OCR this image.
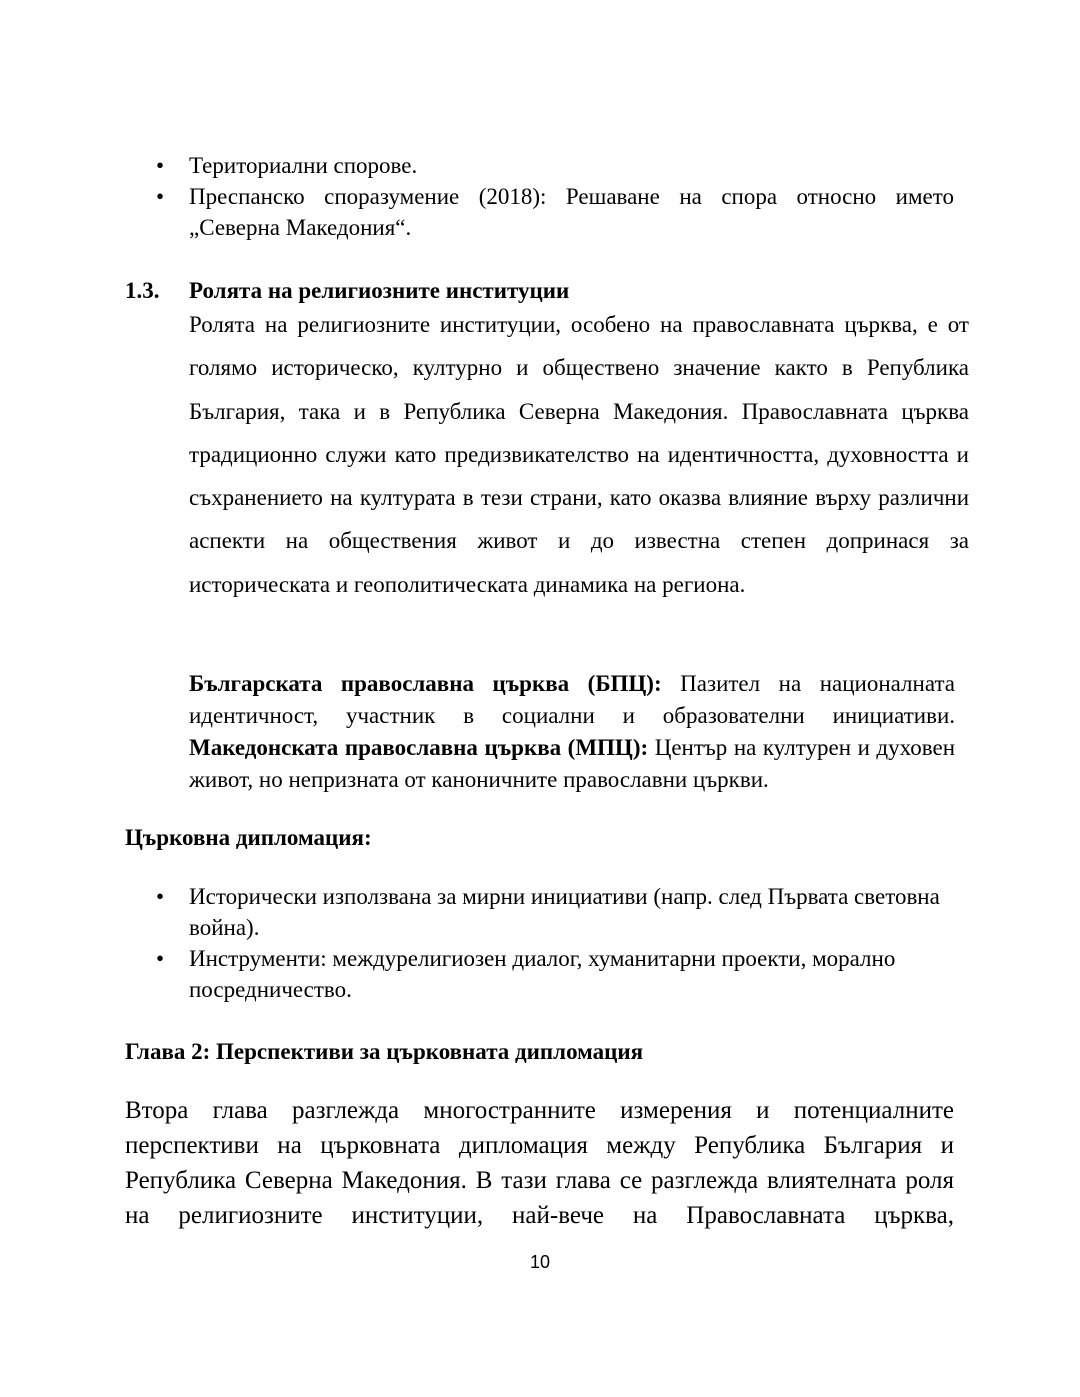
• Териториални спорове.
• Преспанско споразумение (2018): Решаване на спора относно името „Северна Македония“.
1.3. Ролята на религиозните институции

Ролята на религиозните институции, особено на православната църква, е от голямо историческо, културно и обществено значение както в Република България, така и в Република Северна Македония. Православната църква традиционно служи като предизвикателство на идентичността, духовността и съхранението на културата в тези страни, като оказва влияние върху различни аспекти на обществения живот и до известна степен допринася за историческата и геополитическата динамика на региона.

Българската православна църква (БПЦ): Пазител на националната идентичност, участник в социални и образователни инициативи. Македонската православна църква (МПЦ): Център на културен и духовен живот, но непризната от каноничните православни църкви.

Църковна дипломация:
• Исторически използвана за мирни инициативи (напр. след Първата световна война).
• Инструменти: междурелигиозен диалог, хуманитарни проекти, морално посредничество.
Глава 2: Перспективи за църковната дипломация

Втора глава разглежда многостранните измерения и потенциалните перспективи на църковната дипломация между Република България и Република Северна Македония. В тази глава се разглежда влиятелната роля на религиозните институции, най-вече на Православната църква,

10
